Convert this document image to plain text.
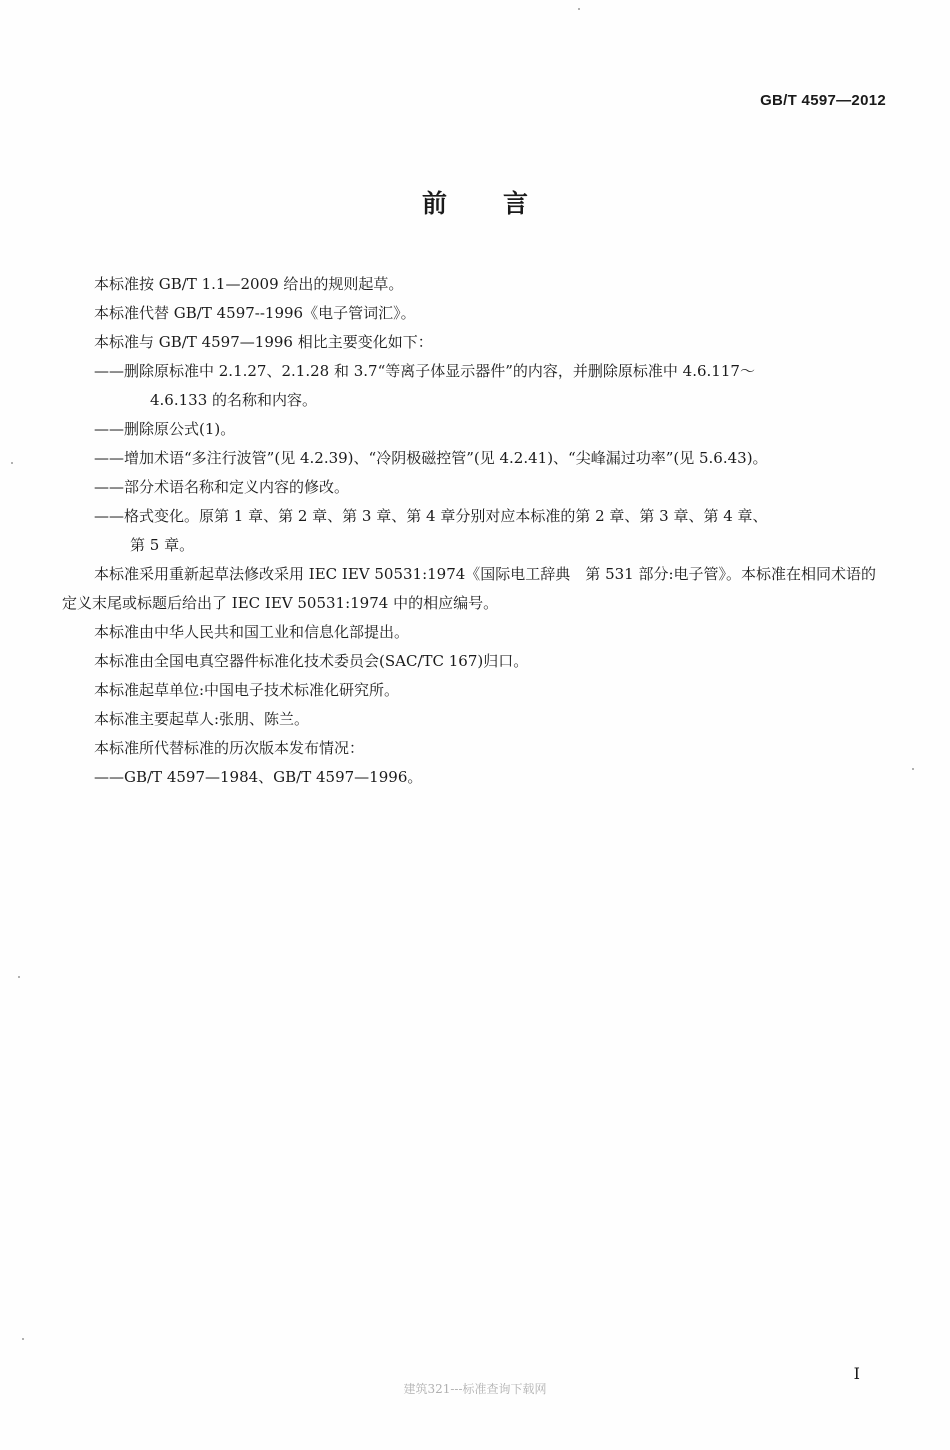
GB/T 4597—2012
前言

本标准按 GB/T 1.1—2009 给出的规则起草。

本标准代替 GB/T 4597--1996《电子管词汇》。

本标准与 GB/T 4597—1996 相比主要变化如下：

——删除原标准中 2.1.27、2.1.28 和 3.7“等离子体显示器件”的内容，并删除原标准中 4.6.117～
4.6.133 的名称和内容。

——删除原公式(1)。

——增加术语“多注行波管”(见 4.2.39)、“冷阴极磁控管”(见 4.2.41)、“尖峰漏过功率”(见 5.6.43)。

——部分术语名称和定义内容的修改。

——格式变化。原第 1 章、第 2 章、第 3 章、第 4 章分别对应本标准的第 2 章、第 3 章、第 4 章、
第 5 章。

本标准采用重新起草法修改采用 IEC IEV 50531:1974《国际电工辞典　第 531 部分:电子管》。本标准在相同术语的定义末尾或标题后给出了 IEC IEV 50531:1974 中的相应编号。

本标准由中华人民共和国工业和信息化部提出。

本标准由全国电真空器件标准化技术委员会(SAC/TC 167)归口。

本标准起草单位:中国电子技术标准化研究所。

本标准主要起草人:张朋、陈兰。

本标准所代替标准的历次版本发布情况：

——GB/T 4597—1984、GB/T 4597—1996。

I
建筑321---标准查询下载网
